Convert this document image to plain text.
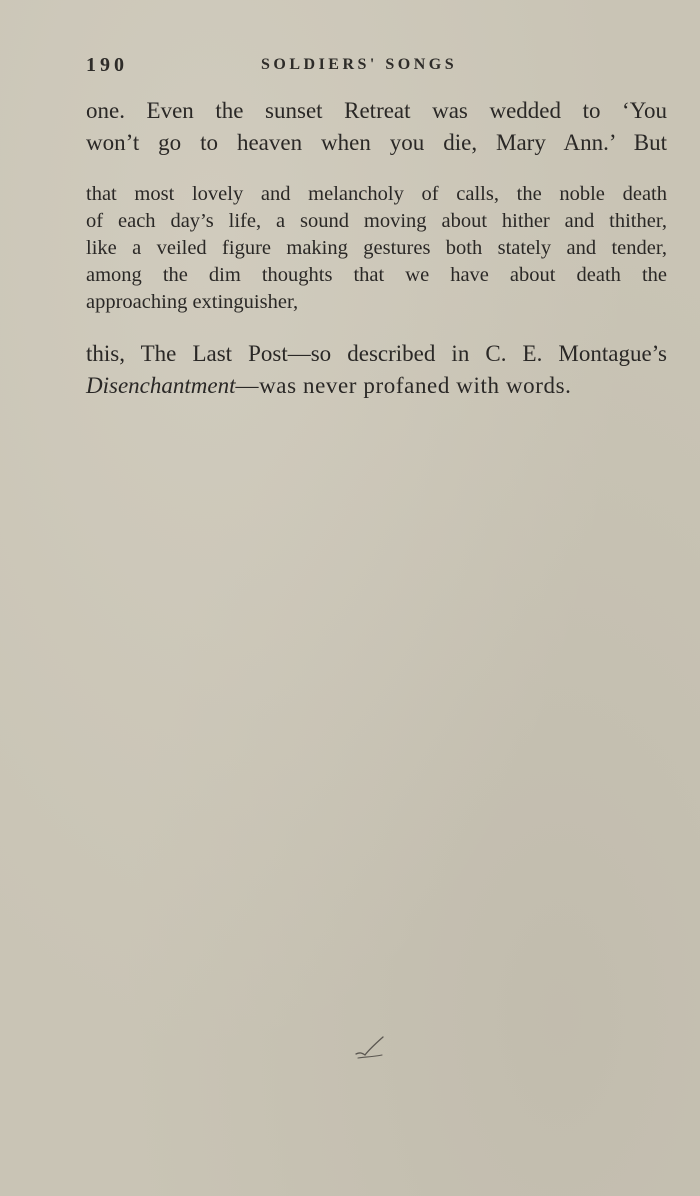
190	SOLDIERS' SONGS
one. Even the sunset Retreat was wedded to ‘You
won’t go to heaven when you die, Mary Ann.’ But
that most lovely and melancholy of calls, the noble death
of each day’s life, a sound moving about hither and thither,
like a veiled figure making gestures both stately and tender,
among the dim thoughts that we have about death the
approaching extinguisher,
this, The Last Post—so described in C. E. Montague’s
Disenchantment—was never profaned with words.
